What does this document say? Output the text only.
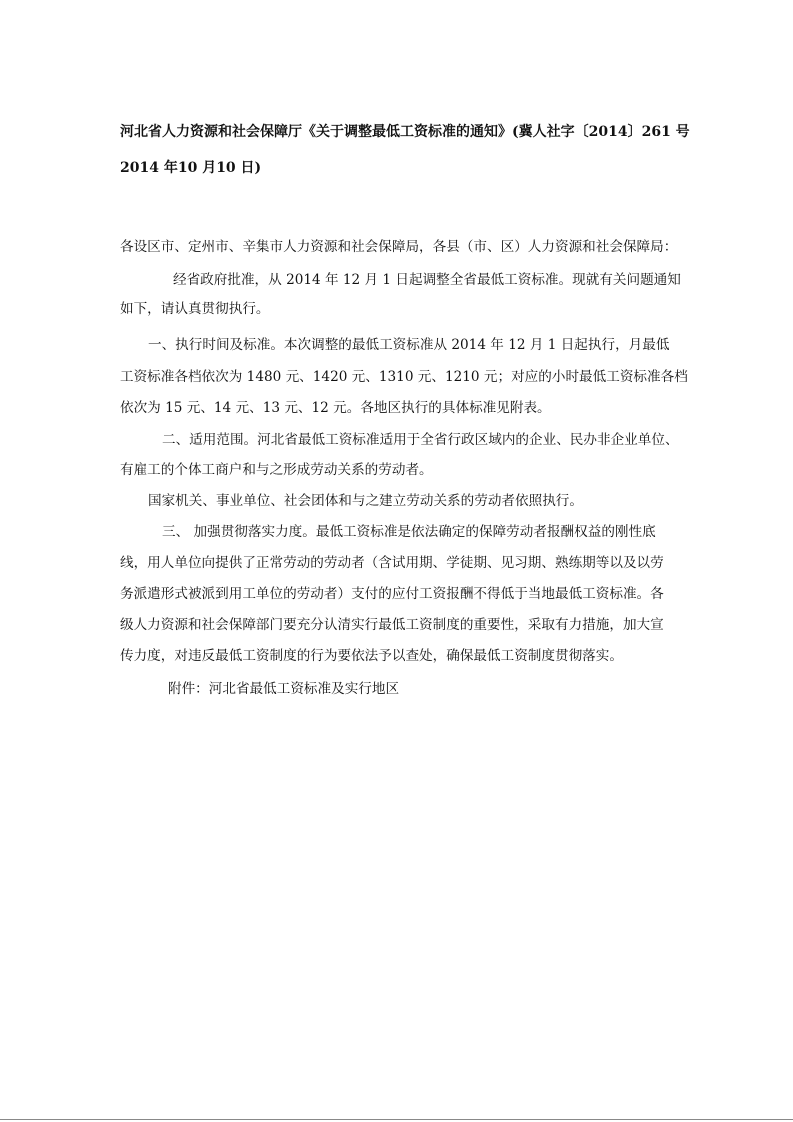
河北省人力资源和社会保障厅《关于调整最低工资标准的通知》(冀人社字〔2014〕261 号
2014 年10 月10 日)
各设区市、定州市、辛集市人力资源和社会保障局，各县（市、区）人力资源和社会保障局：
经省政府批准，从 2014 年 12 月 1 日起调整全省最低工资标准。现就有关问题通知
如下，请认真贯彻执行。
一、执行时间及标准。本次调整的最低工资标准从 2014 年 12 月 1 日起执行，月最低
工资标准各档依次为 1480 元、1420 元、1310 元、1210 元；对应的小时最低工资标准各档
依次为 15 元、14 元、13 元、12 元。各地区执行的具体标准见附表。
二、适用范围。河北省最低工资标准适用于全省行政区域内的企业、民办非企业单位、
有雇工的个体工商户和与之形成劳动关系的劳动者。
国家机关、事业单位、社会团体和与之建立劳动关系的劳动者依照执行。
三、 加强贯彻落实力度。最低工资标准是依法确定的保障劳动者报酬权益的刚性底
线，用人单位向提供了正常劳动的劳动者（含试用期、学徒期、见习期、熟练期等以及以劳
务派遣形式被派到用工单位的劳动者）支付的应付工资报酬不得低于当地最低工资标准。各
级人力资源和社会保障部门要充分认清实行最低工资制度的重要性，采取有力措施，加大宣
传力度，对违反最低工资制度的行为要依法予以查处，确保最低工资制度贯彻落实。
附件：河北省最低工资标准及实行地区
